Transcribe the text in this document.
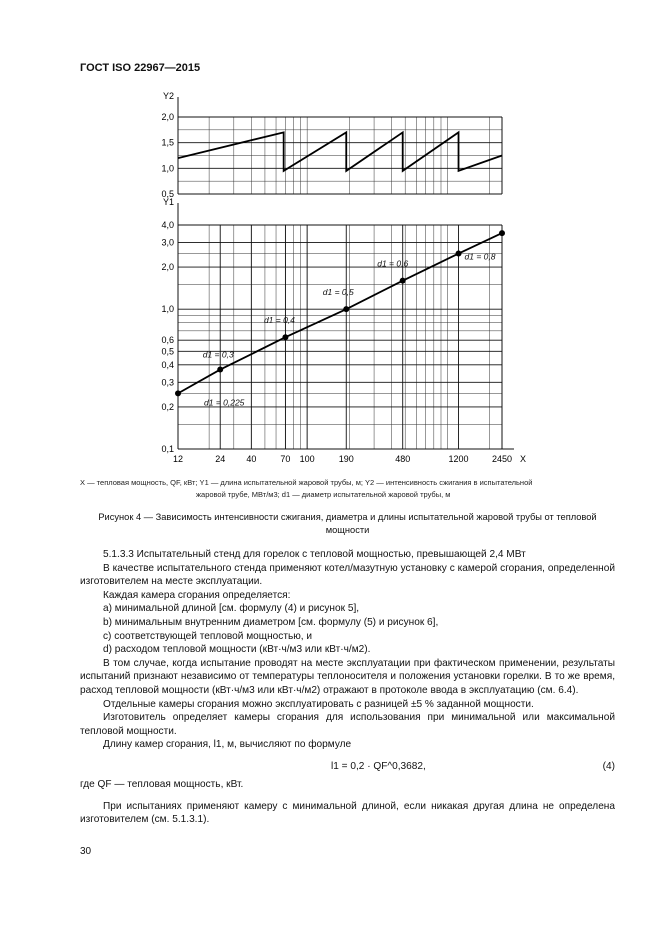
ГОСТ ISO 22967—2015
2,0
1,5
1,0
0,5
Y2
4,0
3,0
2,0
1,0
0,6
0,5
0,4
0,3
0,2
0,1
12	24 40	70 100	190	480	1200	2450
Y1
X
d1 = 0,225
d1 = 0,3
d1 = 0,4
d1 = 0,5
d1 = 0,6
d1 = 0,8
X — тепловая мощность, QF, кВт; Y1 — длина испытательной жаровой трубы, м; Y2 — интенсивность сжигания в испытательной
жаровой трубе, МВт/м3; d1 — диаметр испытательной жаровой трубы, м
Рисунок 4 — Зависимость интенсивности сжигания, диаметра и длины испытательной жаровой трубы от тепловой мощности

5.1.3.3 Испытательный стенд для горелок с тепловой мощностью, превышающей 2,4 МВт

В качестве испытательного стенда применяют котел/мазутную установку с камерой сгорания, определенной изготовителем на месте эксплуатации.

Каждая камера сгорания определяется:

a) минимальной длиной [см. формулу (4) и рисунок 5],

b) минимальным внутренним диаметром [см. формулу (5) и рисунок 6],

c) соответствующей тепловой мощностью, и

d) расходом тепловой мощности (кВт·ч/м3 или кВт·ч/м2).

В том случае, когда испытание проводят на месте эксплуатации при фактическом применении, результаты испытаний признают независимо от температуры теплоносителя и положения установки горелки. В то же время, расход тепловой мощности (кВт·ч/м3 или кВт·ч/м2) отражают в протоколе ввода в эксплуатацию (см. 6.4).

Отдельные камеры сгорания можно эксплуатировать с разницей ±5 % заданной мощности.

Изготовитель определяет камеры сгорания для использования при минимальной или максимальной тепловой мощности.

Длину камер сгорания, l1, м, вычисляют по формуле

l1 = 0,2 · QF^0,3682,	(4)

где QF — тепловая мощность, кВт.

При испытаниях применяют камеру с минимальной длиной, если никакая другая длина не определена изготовителем (см. 5.1.3.1).

30
